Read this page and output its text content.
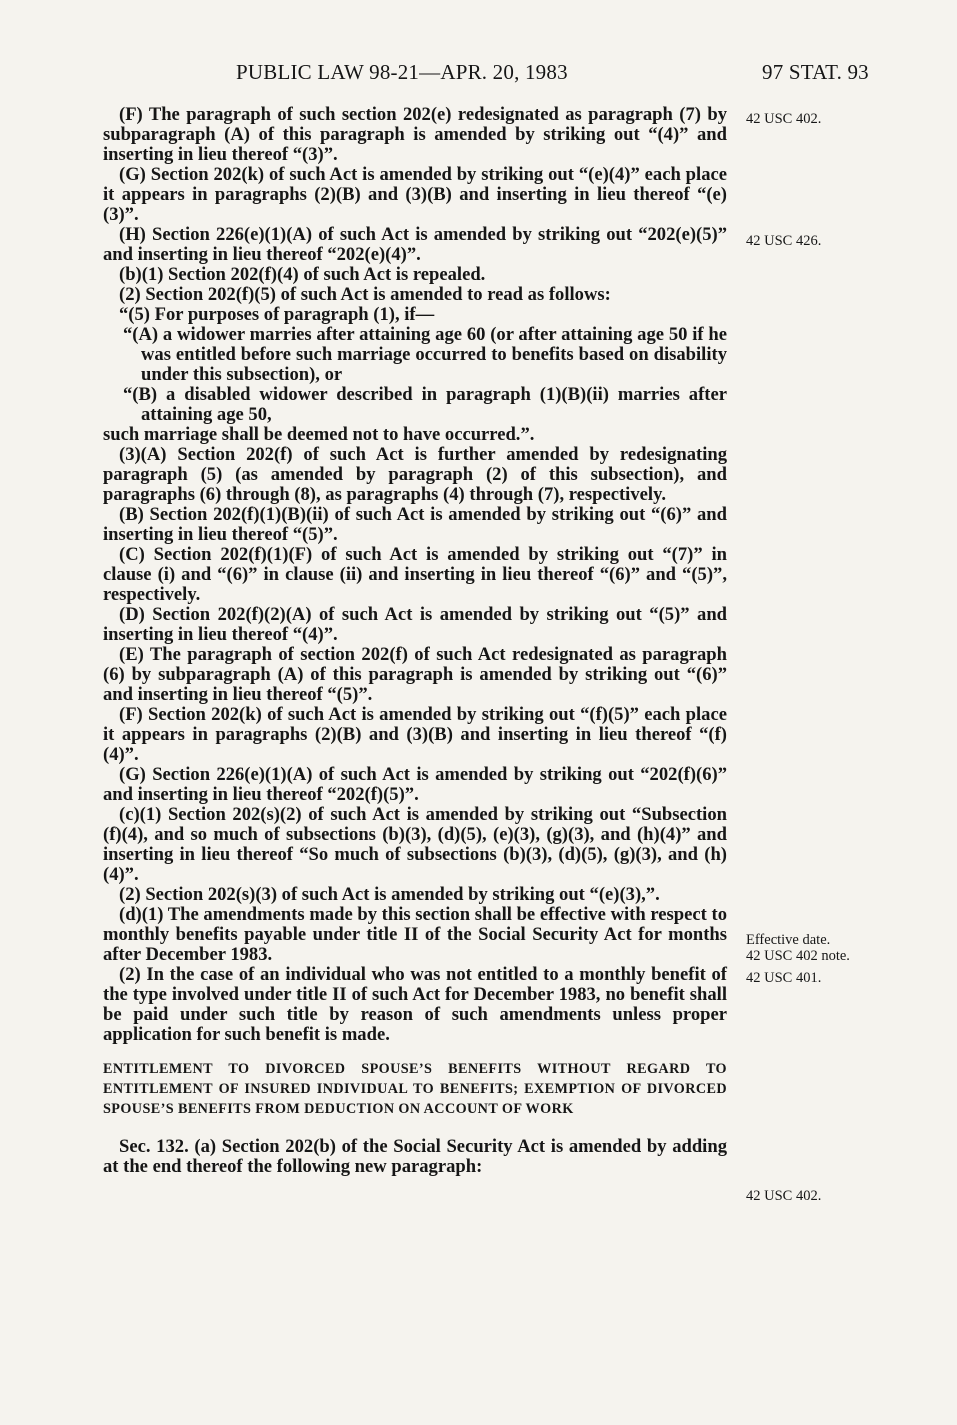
PUBLIC LAW 98-21—APR. 20, 1983	97 STAT. 93

(F) The paragraph of such section 202(e) redesignated as paragraph (7) by subparagraph (A) of this paragraph is amended by striking out “(4)” and inserting in lieu thereof “(3)”.

(G) Section 202(k) of such Act is amended by striking out “(e)(4)” each place it appears in paragraphs (2)(B) and (3)(B) and inserting in lieu thereof “(e)(3)”.

(H) Section 226(e)(1)(A) of such Act is amended by striking out “202(e)(5)” and inserting in lieu thereof “202(e)(4)”.

(b)(1) Section 202(f)(4) of such Act is repealed.

(2) Section 202(f)(5) of such Act is amended to read as follows:

“(5) For purposes of paragraph (1), if—

“(A) a widower marries after attaining age 60 (or after attaining age 50 if he was entitled before such marriage occurred to benefits based on disability under this subsection), or

“(B) a disabled widower described in paragraph (1)(B)(ii) marries after attaining age 50,

such marriage shall be deemed not to have occurred.”.

(3)(A) Section 202(f) of such Act is further amended by redesignating paragraph (5) (as amended by paragraph (2) of this subsection), and paragraphs (6) through (8), as paragraphs (4) through (7), respectively.

(B) Section 202(f)(1)(B)(ii) of such Act is amended by striking out “(6)” and inserting in lieu thereof “(5)”.

(C) Section 202(f)(1)(F) of such Act is amended by striking out “(7)” in clause (i) and “(6)” in clause (ii) and inserting in lieu thereof “(6)” and “(5)”, respectively.

(D) Section 202(f)(2)(A) of such Act is amended by striking out “(5)” and inserting in lieu thereof “(4)”.

(E) The paragraph of section 202(f) of such Act redesignated as paragraph (6) by subparagraph (A) of this paragraph is amended by striking out “(6)” and inserting in lieu thereof “(5)”.

(F) Section 202(k) of such Act is amended by striking out “(f)(5)” each place it appears in paragraphs (2)(B) and (3)(B) and inserting in lieu thereof “(f)(4)”.

(G) Section 226(e)(1)(A) of such Act is amended by striking out “202(f)(6)” and inserting in lieu thereof “202(f)(5)”.

(c)(1) Section 202(s)(2) of such Act is amended by striking out “Subsection (f)(4), and so much of subsections (b)(3), (d)(5), (e)(3), (g)(3), and (h)(4)” and inserting in lieu thereof “So much of subsections (b)(3), (d)(5), (g)(3), and (h)(4)”.

(2) Section 202(s)(3) of such Act is amended by striking out “(e)(3),”.

(d)(1) The amendments made by this section shall be effective with respect to monthly benefits payable under title II of the Social Security Act for months after December 1983.

(2) In the case of an individual who was not entitled to a monthly benefit of the type involved under title II of such Act for December 1983, no benefit shall be paid under such title by reason of such amendments unless proper application for such benefit is made.

ENTITLEMENT TO DIVORCED SPOUSE’S BENEFITS WITHOUT REGARD TO ENTITLEMENT OF INSURED INDIVIDUAL TO BENEFITS; EXEMPTION OF DIVORCED SPOUSE’S BENEFITS FROM DEDUCTION ON ACCOUNT OF WORK

Sec. 132. (a) Section 202(b) of the Social Security Act is amended by adding at the end thereof the following new paragraph:

42 USC 402.
42 USC 426.
Effective date.
42 USC 402 note.
42 USC 401.
42 USC 402.
